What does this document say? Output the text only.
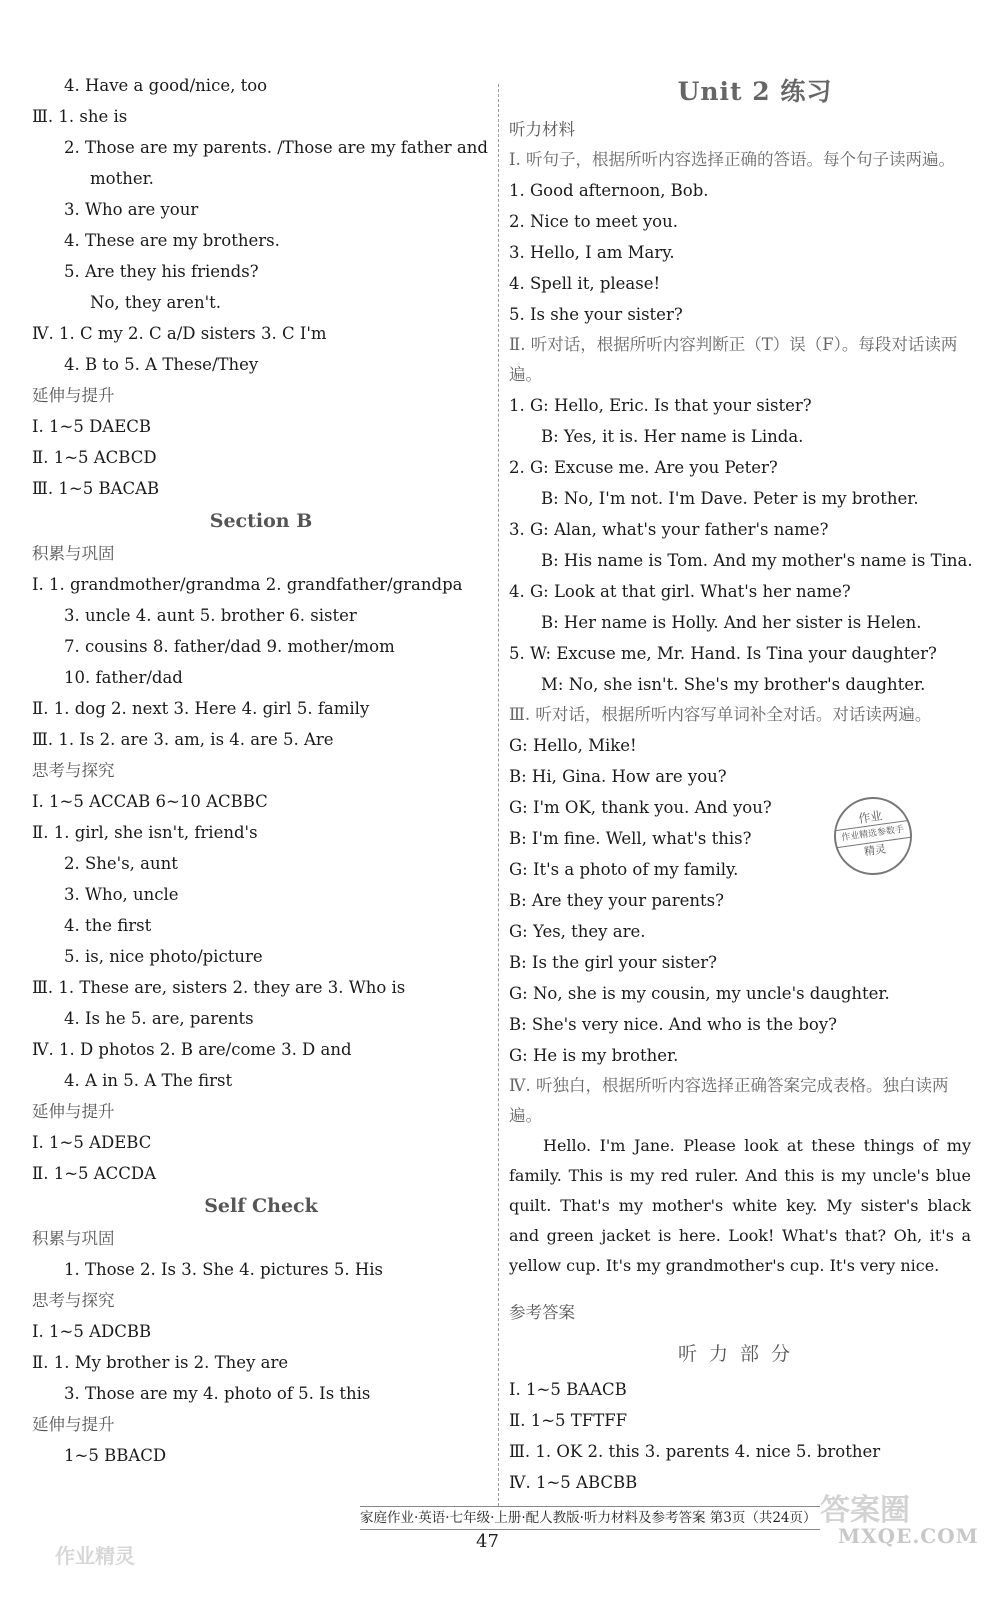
4. Have a good/nice, too
Ⅲ. 1. she is
2. Those are my parents. /Those are my father and
mother.
3. Who are your
4. These are my brothers.
5. Are they his friends?
No, they aren't.
Ⅳ. 1. C my 2. C a/D sisters 3. C I'm
4. B to 5. A These/They
延伸与提升
Ⅰ. 1~5 DAECB
Ⅱ. 1~5 ACBCD
Ⅲ. 1~5 BACAB
Section B
积累与巩固
Ⅰ. 1. grandmother/grandma 2. grandfather/grandpa
3. uncle 4. aunt 5. brother 6. sister
7. cousins 8. father/dad 9. mother/mom
10. father/dad
Ⅱ. 1. dog 2. next 3. Here 4. girl 5. family
Ⅲ. 1. Is 2. are 3. am, is 4. are 5. Are
思考与探究
Ⅰ. 1~5 ACCAB 6~10 ACBBC
Ⅱ. 1. girl, she isn't, friend's
2. She's, aunt
3. Who, uncle
4. the first
5. is, nice photo/picture
Ⅲ. 1. These are, sisters 2. they are 3. Who is
4. Is he 5. are, parents
Ⅳ. 1. D photos 2. B are/come 3. D and
4. A in 5. A The first
延伸与提升
Ⅰ. 1~5 ADEBC
Ⅱ. 1~5 ACCDA
Self Check
积累与巩固
1. Those 2. Is 3. She 4. pictures 5. His
思考与探究
Ⅰ. 1~5 ADCBB
Ⅱ. 1. My brother is 2. They are
3. Those are my 4. photo of 5. Is this
延伸与提升
1~5 BBACD
Unit 2 练习
听力材料
Ⅰ. 听句子，根据所听内容选择正确的答语。每个句子读两遍。
1. Good afternoon, Bob.
2. Nice to meet you.
3. Hello, I am Mary.
4. Spell it, please!
5. Is she your sister?
Ⅱ. 听对话，根据所听内容判断正（T）误（F）。每段对话读两遍。
1. G: Hello, Eric. Is that your sister?
B: Yes, it is. Her name is Linda.
2. G: Excuse me. Are you Peter?
B: No, I'm not. I'm Dave. Peter is my brother.
3. G: Alan, what's your father's name?
B: His name is Tom. And my mother's name is Tina.
4. G: Look at that girl. What's her name?
B: Her name is Holly. And her sister is Helen.
5. W: Excuse me, Mr. Hand. Is Tina your daughter?
M: No, she isn't. She's my brother's daughter.
Ⅲ. 听对话，根据所听内容写单词补全对话。对话读两遍。
G: Hello, Mike!
B: Hi, Gina. How are you?
G: I'm OK, thank you. And you?
B: I'm fine. Well, what's this?
G: It's a photo of my family.
B: Are they your parents?
G: Yes, they are.
B: Is the girl your sister?
G: No, she is my cousin, my uncle's daughter.
B: She's very nice. And who is the boy?
G: He is my brother.
Ⅳ. 听独白，根据所听内容选择正确答案完成表格。独白读两遍。
Hello. I'm Jane. Please look at these things of my family. This is my red ruler. And this is my uncle's blue quilt. That's my mother's white key. My sister's black and green jacket is here. Look! What's that? Oh, it's a yellow cup. It's my grandmother's cup. It's very nice.
参考答案
听力部分
Ⅰ. 1~5 BAACB
Ⅱ. 1~5 TFTFF
Ⅲ. 1. OK 2. this 3. parents 4. nice 5. brother
Ⅳ. 1~5 ABCBB
作业
作业精选参数手
精灵
家庭作业·英语·七年级·上册·配人教版·听力材料及参考答案 第3页（共24页）
47
答案圈
MXQE.COM
作业精灵
